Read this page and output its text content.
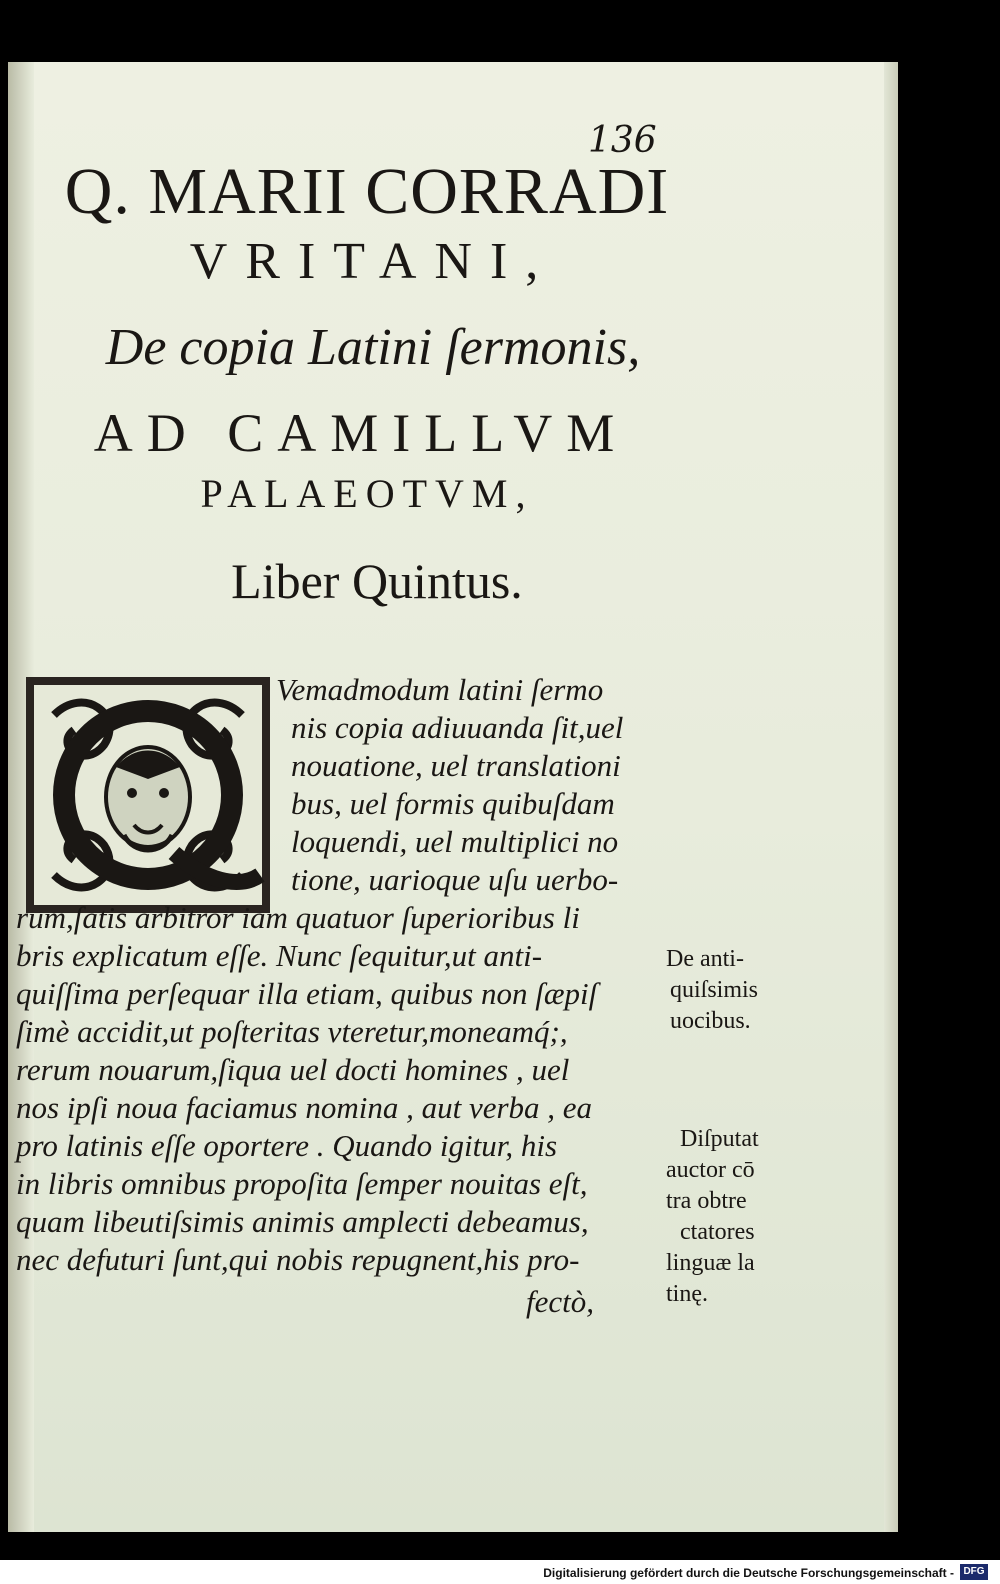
136
Q. MARII CORRADI
VRITANI,
De copia Latini ſermonis,
AD CAMILLVM
PALAEOTVM,
Liber Quintus.
Vemadmodum latini ſermo
nis copia adiuuanda ſit,uel
nouatione, uel translationi
bus, uel formis quibuſdam
loquendi, uel multiplici no
tione, uarioque uſu uerbo-
rum,ſatis arbitror iam quatuor ſuperioribus li
bris explicatum eſſe. Nunc ſequitur,ut anti-
quiſſima perſequar illa etiam, quibus non ſæpiſ
ſimè accidit,ut poſteritas vteretur,moneamq́;,
rerum nouarum,ſiqua uel docti homines , uel
nos ipſi noua faciamus nomina , aut verba , ea
pro latinis eſſe oportere . Quando igitur, his
in libris omnibus propoſita ſemper nouitas eſt,
quam libeutiſsimis animis amplecti debeamus,
nec defuturi ſunt,qui nobis repugnent,his pro-
fectò,
De anti-
quiſsimis
uocibus.
Diſputat
auctor cō
tra obtre
ctatores
linguæ la
tinę.
Digitalisierung gefördert durch die Deutsche Forschungsgemeinschaft - DFG
